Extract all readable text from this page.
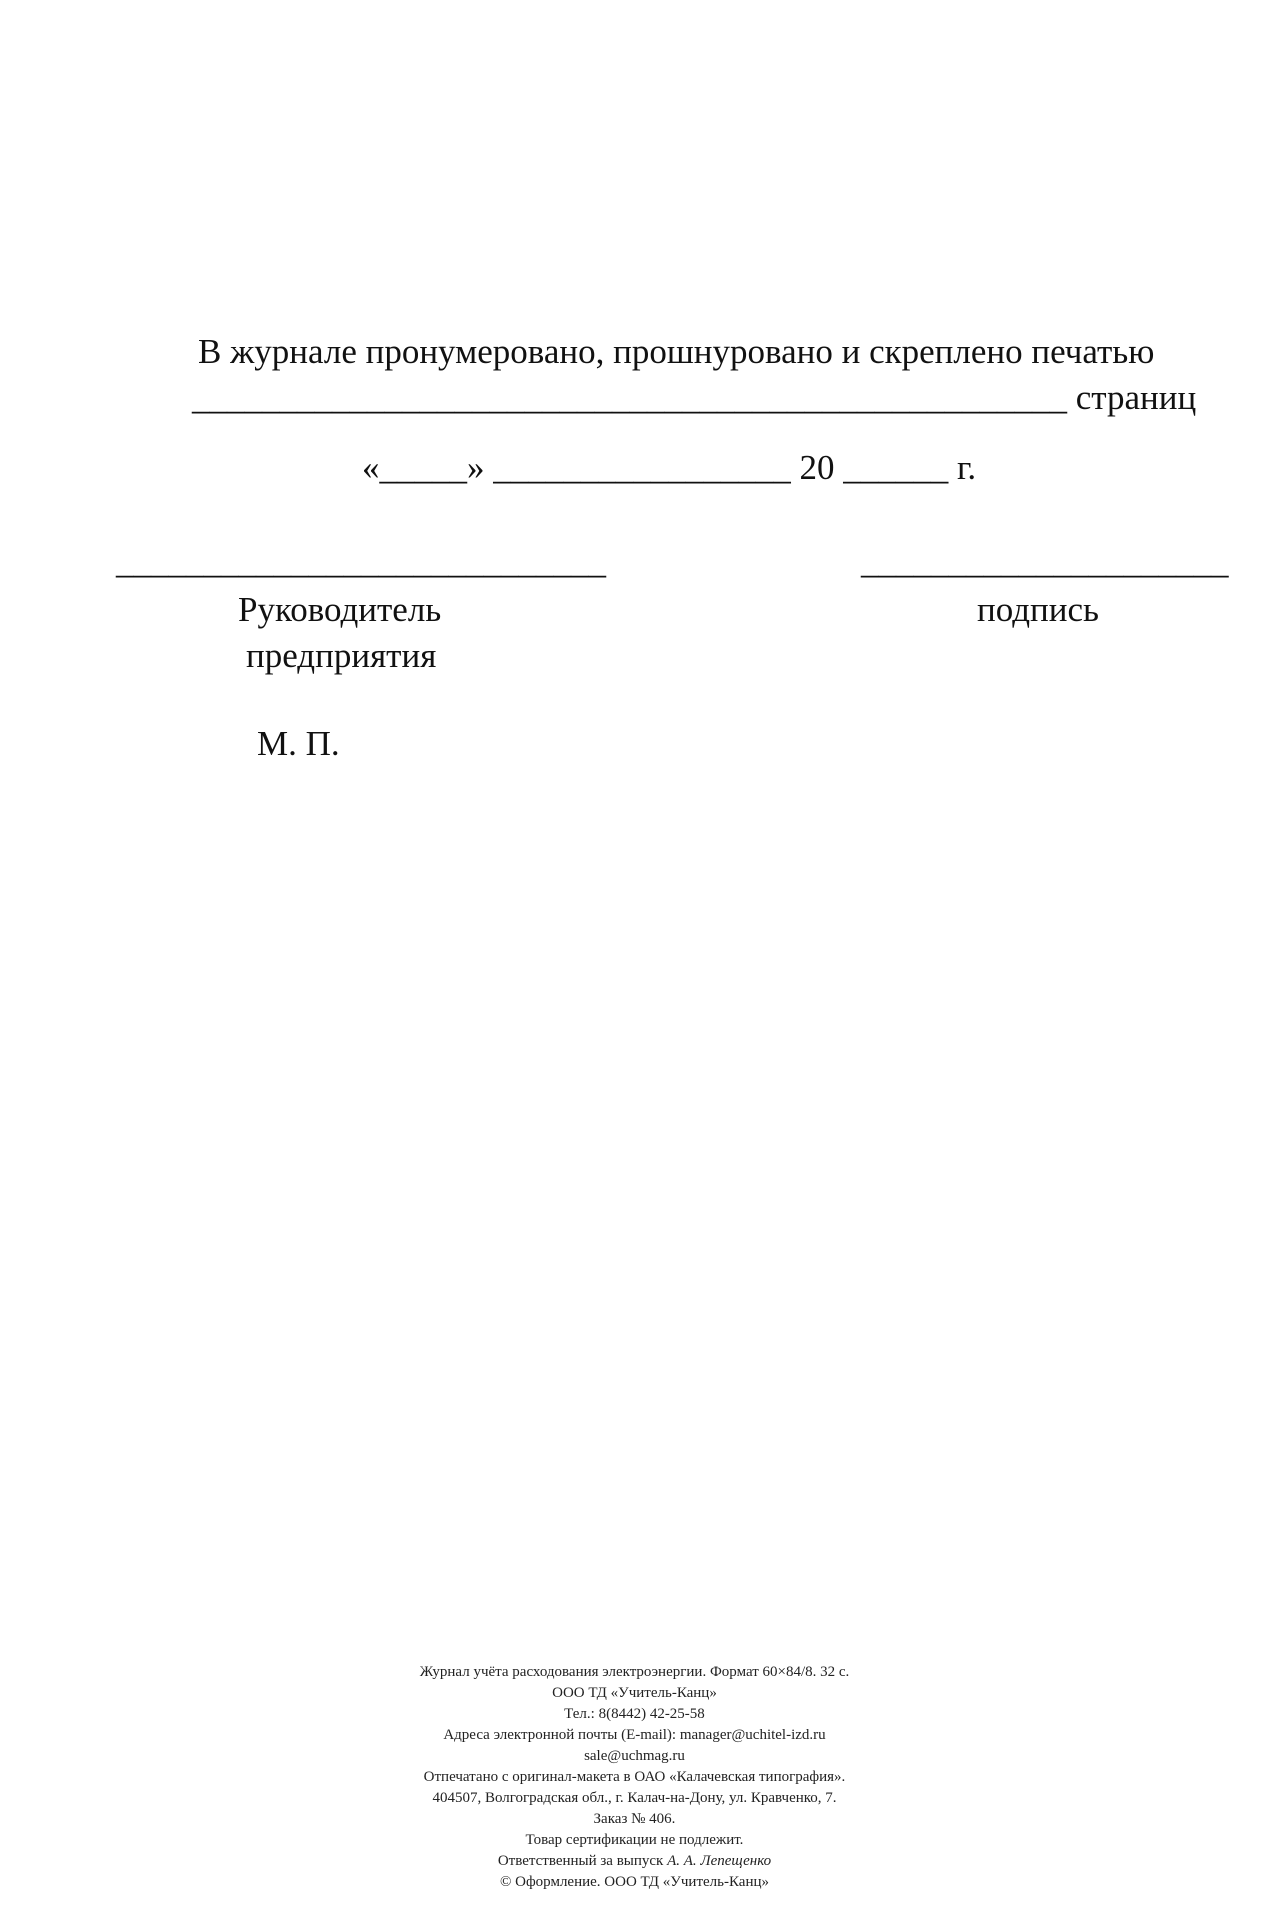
В журнале пронумеровано, прошнуровано и скреплено печатью
__________________________________________________ страниц
«_____» _________________ 20 ______ г.
____________________________
Руководитель
предприятия
_____________________
подпись
М. П.
Журнал учёта расходования электроэнергии. Формат 60×84/8. 32 с.
ООО ТД «Учитель-Канц»
Тел.: 8(8442) 42-25-58
Адреса электронной почты (E-mail): manager@uchitel-izd.ru
sale@uchmag.ru
Отпечатано с оригинал-макета в ОАО «Калачевская типография».
404507, Волгоградская обл., г. Калач-на-Дону, ул. Кравченко, 7.
Заказ № 406.
Товар сертификации не подлежит.
Ответственный за выпуск А. А. Лепещенко
© Оформление. ООО ТД «Учитель-Канц»
